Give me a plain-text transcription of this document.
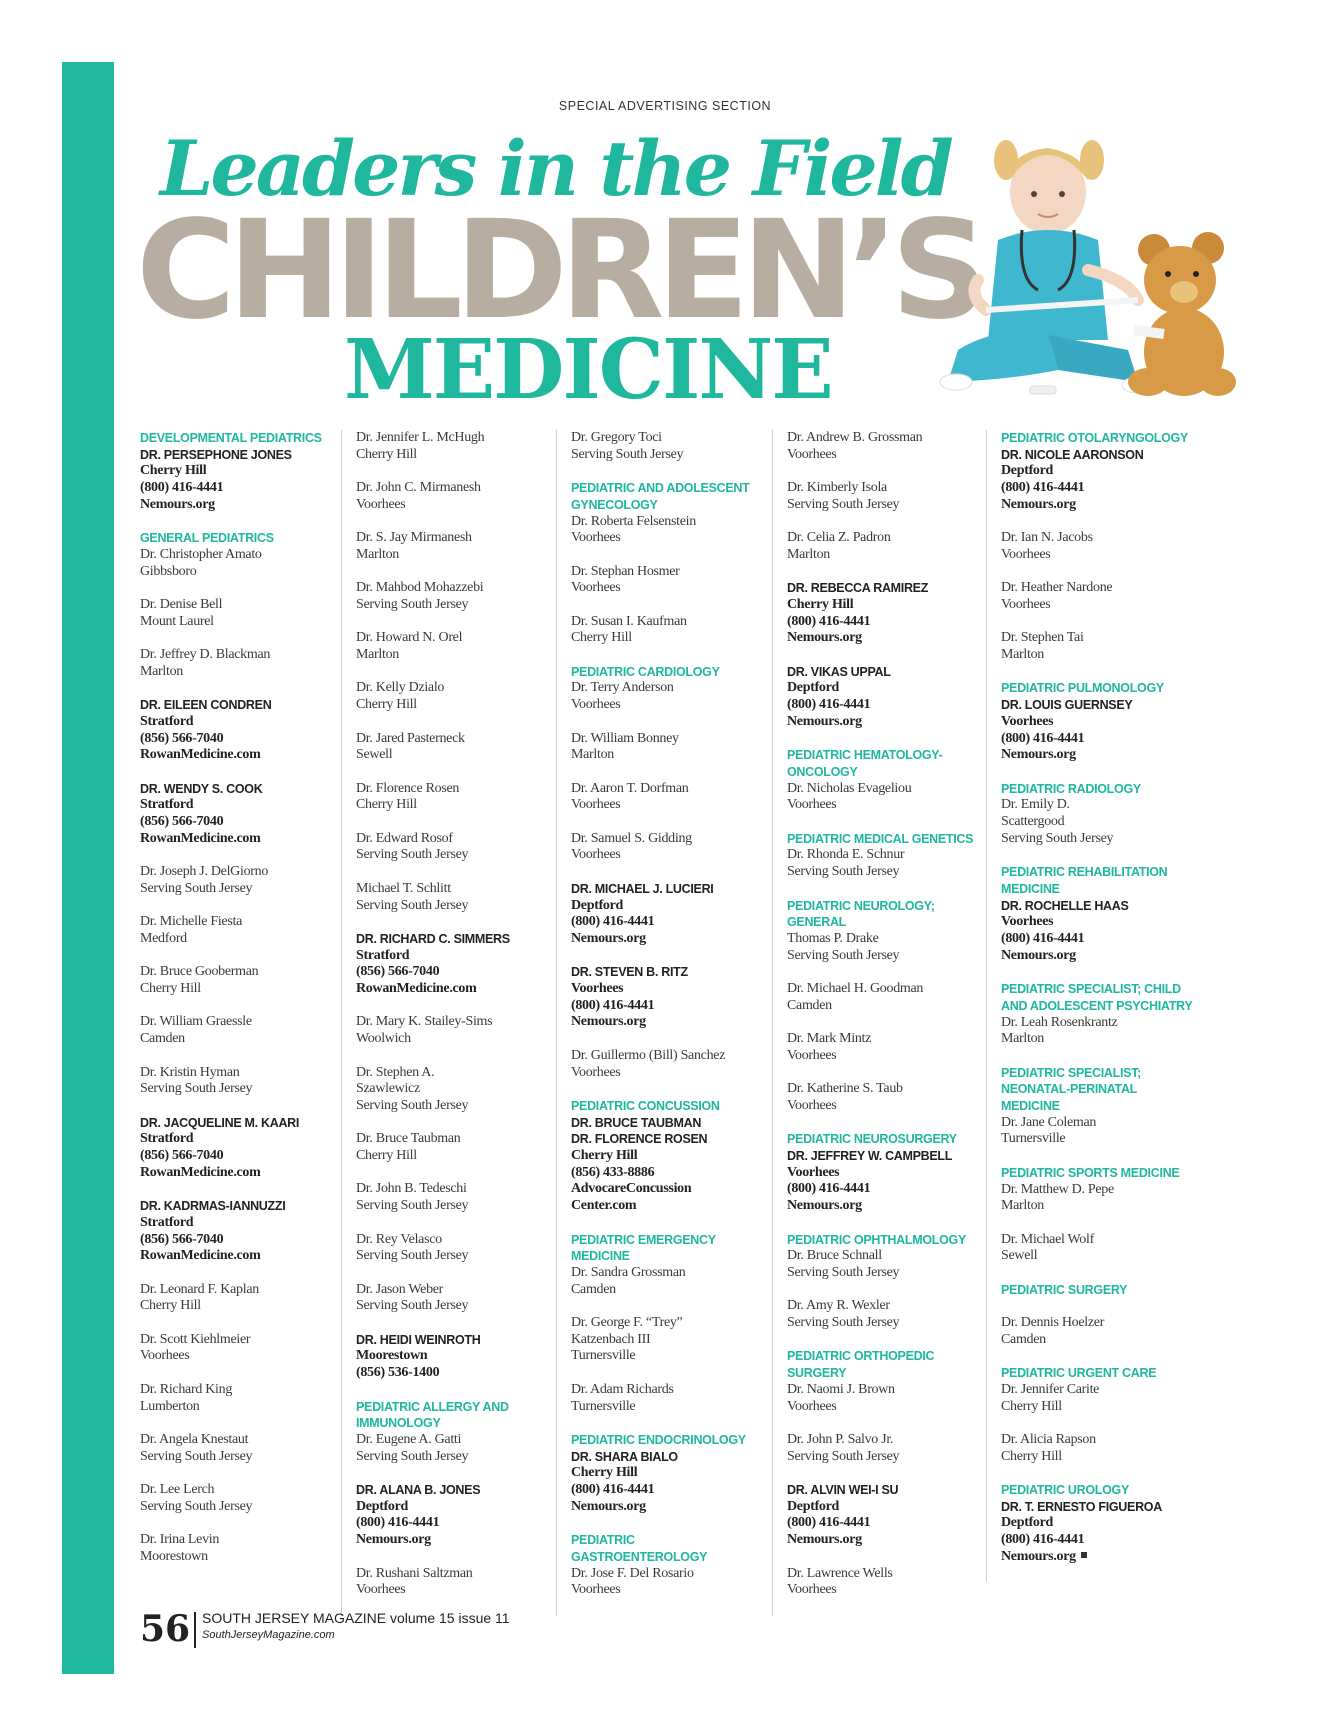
SPECIAL ADVERTISING SECTION
Leaders in the Field
CHILDREN’S
MEDICINE
DEVELOPMENTAL PEDIATRICS
DR. PERSEPHONE JONES
Cherry Hill
(800) 416-4441
Nemours.org
GENERAL PEDIATRICS
Dr. Christopher Amato
Gibbsboro
Dr. Denise Bell
Mount Laurel
Dr. Jeffrey D. Blackman
Marlton
DR. EILEEN CONDREN
Stratford
(856) 566-7040
RowanMedicine.com
DR. WENDY S. COOK
Stratford
(856) 566-7040
RowanMedicine.com
Dr. Joseph J. DelGiorno
Serving South Jersey
Dr. Michelle Fiesta
Medford
Dr. Bruce Gooberman
Cherry Hill
Dr. William Graessle
Camden
Dr. Kristin Hyman
Serving South Jersey
DR. JACQUELINE M. KAARI
Stratford
(856) 566-7040
RowanMedicine.com
DR. KADRMAS-IANNUZZI
Stratford
(856) 566-7040
RowanMedicine.com
Dr. Leonard F. Kaplan
Cherry Hill
Dr. Scott Kiehlmeier
Voorhees
Dr. Richard King
Lumberton
Dr. Angela Knestaut
Serving South Jersey
Dr. Lee Lerch
Serving South Jersey
Dr. Irina Levin
Moorestown
Dr. Jennifer L. McHugh
Cherry Hill
Dr. John C. Mirmanesh
Voorhees
Dr. S. Jay Mirmanesh
Marlton
Dr. Mahbod Mohazzebi
Serving South Jersey
Dr. Howard N. Orel
Marlton
Dr. Kelly Dzialo
Cherry Hill
Dr. Jared Pasterneck
Sewell
Dr. Florence Rosen
Cherry Hill
Dr. Edward Rosof
Serving South Jersey
Michael T. Schlitt
Serving South Jersey
DR. RICHARD C. SIMMERS
Stratford
(856) 566-7040
RowanMedicine.com
Dr. Mary K. Stailey-Sims
Woolwich
Dr. Stephen A.
Szawlewicz
Serving South Jersey
Dr. Bruce Taubman
Cherry Hill
Dr. John B. Tedeschi
Serving South Jersey
Dr. Rey Velasco
Serving South Jersey
Dr. Jason Weber
Serving South Jersey
DR. HEIDI WEINROTH
Moorestown
(856) 536-1400
PEDIATRIC ALLERGY AND IMMUNOLOGY
Dr. Eugene A. Gatti
Serving South Jersey
DR. ALANA B. JONES
Deptford
(800) 416-4441
Nemours.org
Dr. Rushani Saltzman
Voorhees
Dr. Gregory Toci
Serving South Jersey
PEDIATRIC AND ADOLESCENT GYNECOLOGY
Dr. Roberta Felsenstein
Voorhees
Dr. Stephan Hosmer
Voorhees
Dr. Susan I. Kaufman
Cherry Hill
PEDIATRIC CARDIOLOGY
Dr. Terry Anderson
Voorhees
Dr. William Bonney
Marlton
Dr. Aaron T. Dorfman
Voorhees
Dr. Samuel S. Gidding
Voorhees
DR. MICHAEL J. LUCIERI
Deptford
(800) 416-4441
Nemours.org
DR. STEVEN B. RITZ
Voorhees
(800) 416-4441
Nemours.org
Dr. Guillermo (Bill) Sanchez
Voorhees
PEDIATRIC CONCUSSION
DR. BRUCE TAUBMAN
DR. FLORENCE ROSEN
Cherry Hill
(856) 433-8886
AdvocareConcussion
Center.com
PEDIATRIC EMERGENCY MEDICINE
Dr. Sandra Grossman
Camden
Dr. George F. “Trey”
Katzenbach III
Turnersville
Dr. Adam Richards
Turnersville
PEDIATRIC ENDOCRINOLOGY
DR. SHARA BIALO
Cherry Hill
(800) 416-4441
Nemours.org
PEDIATRIC GASTROENTEROLOGY
Dr. Jose F. Del Rosario
Voorhees
Dr. Andrew B. Grossman
Voorhees
Dr. Kimberly Isola
Serving South Jersey
Dr. Celia Z. Padron
Marlton
DR. REBECCA RAMIREZ
Cherry Hill
(800) 416-4441
Nemours.org
DR. VIKAS UPPAL
Deptford
(800) 416-4441
Nemours.org
PEDIATRIC HEMATOLOGY-ONCOLOGY
Dr. Nicholas Evageliou
Voorhees
PEDIATRIC MEDICAL GENETICS
Dr. Rhonda E. Schnur
Serving South Jersey
PEDIATRIC NEUROLOGY; GENERAL
Thomas P. Drake
Serving South Jersey
Dr. Michael H. Goodman
Camden
Dr. Mark Mintz
Voorhees
Dr. Katherine S. Taub
Voorhees
PEDIATRIC NEUROSURGERY
DR. JEFFREY W. CAMPBELL
Voorhees
(800) 416-4441
Nemours.org
PEDIATRIC OPHTHALMOLOGY
Dr. Bruce Schnall
Serving South Jersey
Dr. Amy R. Wexler
Serving South Jersey
PEDIATRIC ORTHOPEDIC SURGERY
Dr. Naomi J. Brown
Voorhees
Dr. John P. Salvo Jr.
Serving South Jersey
DR. ALVIN WEI-I SU
Deptford
(800) 416-4441
Nemours.org
Dr. Lawrence Wells
Voorhees
PEDIATRIC OTOLARYNGOLOGY
DR. NICOLE AARONSON
Deptford
(800) 416-4441
Nemours.org
Dr. Ian N. Jacobs
Voorhees
Dr. Heather Nardone
Voorhees
Dr. Stephen Tai
Marlton
PEDIATRIC PULMONOLOGY
DR. LOUIS GUERNSEY
Voorhees
(800) 416-4441
Nemours.org
PEDIATRIC RADIOLOGY
Dr. Emily D.
Scattergood
Serving South Jersey
PEDIATRIC REHABILITATION MEDICINE
DR. ROCHELLE HAAS
Voorhees
(800) 416-4441
Nemours.org
PEDIATRIC SPECIALIST; CHILD AND ADOLESCENT PSYCHIATRY
Dr. Leah Rosenkrantz
Marlton
PEDIATRIC SPECIALIST; NEONATAL-PERINATAL MEDICINE
Dr. Jane Coleman
Turnersville
PEDIATRIC SPORTS MEDICINE
Dr. Matthew D. Pepe
Marlton
Dr. Michael Wolf
Sewell
PEDIATRIC SURGERY
Dr. Dennis Hoelzer
Camden
PEDIATRIC URGENT CARE
Dr. Jennifer Carite
Cherry Hill
Dr. Alicia Rapson
Cherry Hill
PEDIATRIC UROLOGY
DR. T. ERNESTO FIGUEROA
Deptford
(800) 416-4441
Nemours.org
56 SOUTH JERSEY MAGAZINE volume 15 issue 11
SouthJerseyMagazine.com
